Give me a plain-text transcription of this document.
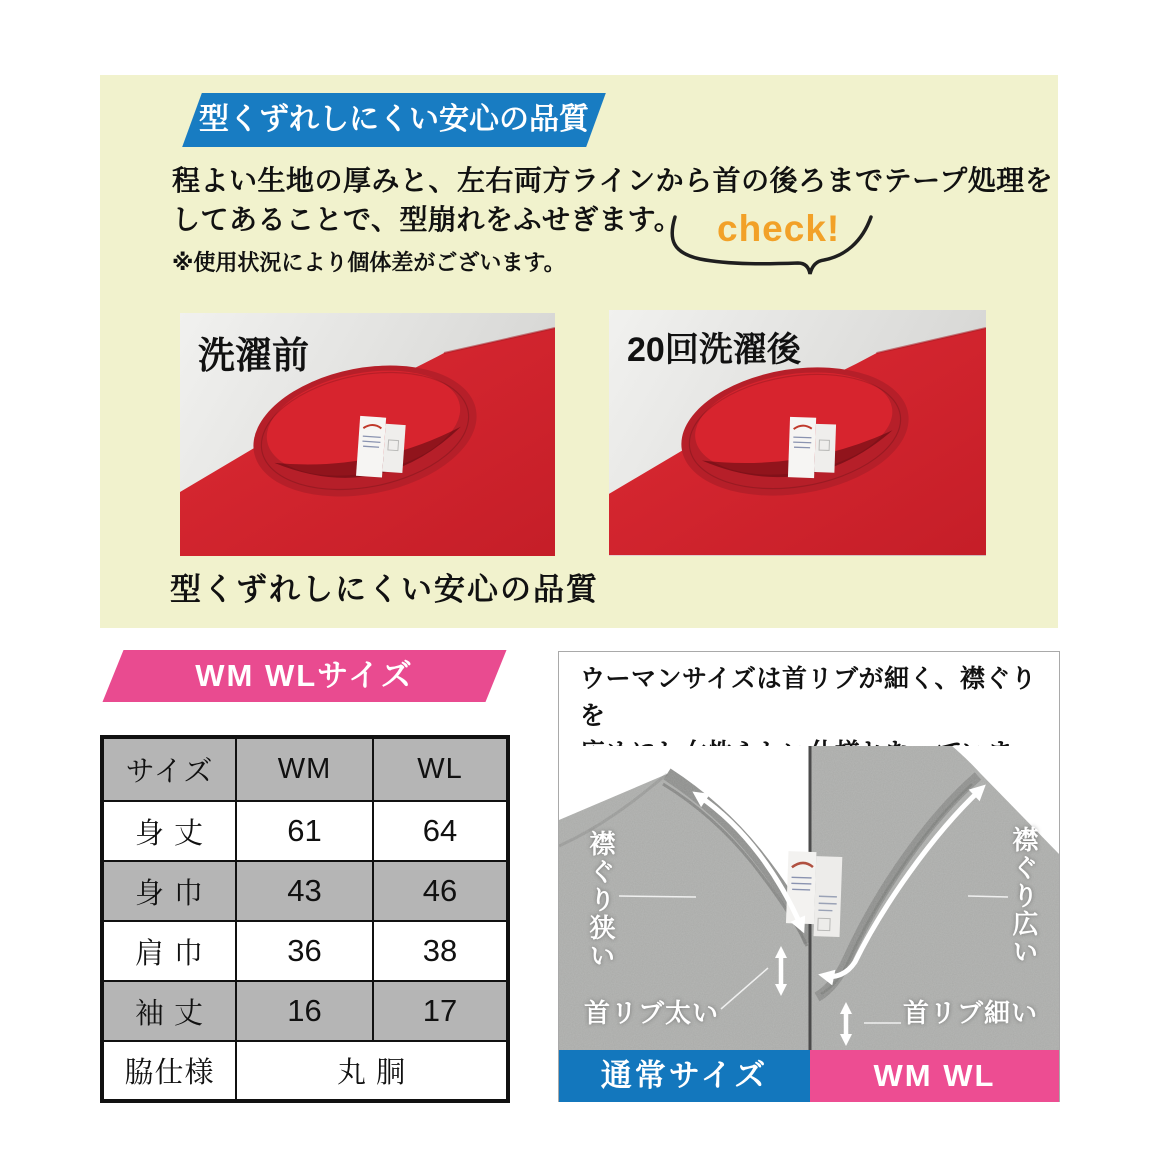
型くずれしにくい安心の品質
程よい生地の厚みと、左右両方ラインから首の後ろまでテープ処理を
してあることで、型崩れをふせぎます。
※使用状況により個体差がございます。
check!
洗濯前	20回洗濯後
型くずれしにくい安心の品質
WM WLサイズ
サイズ	WM	WL
身 丈	61	64
身 巾	43	46
肩 巾	36	38
袖 丈	16	17
脇仕様	丸 胴	
ウーマンサイズは首リブが細く、襟ぐりを
襟ぐり狭い	襟ぐり広い
首リブ太い	首リブ細い
通常サイズ	WM WL
